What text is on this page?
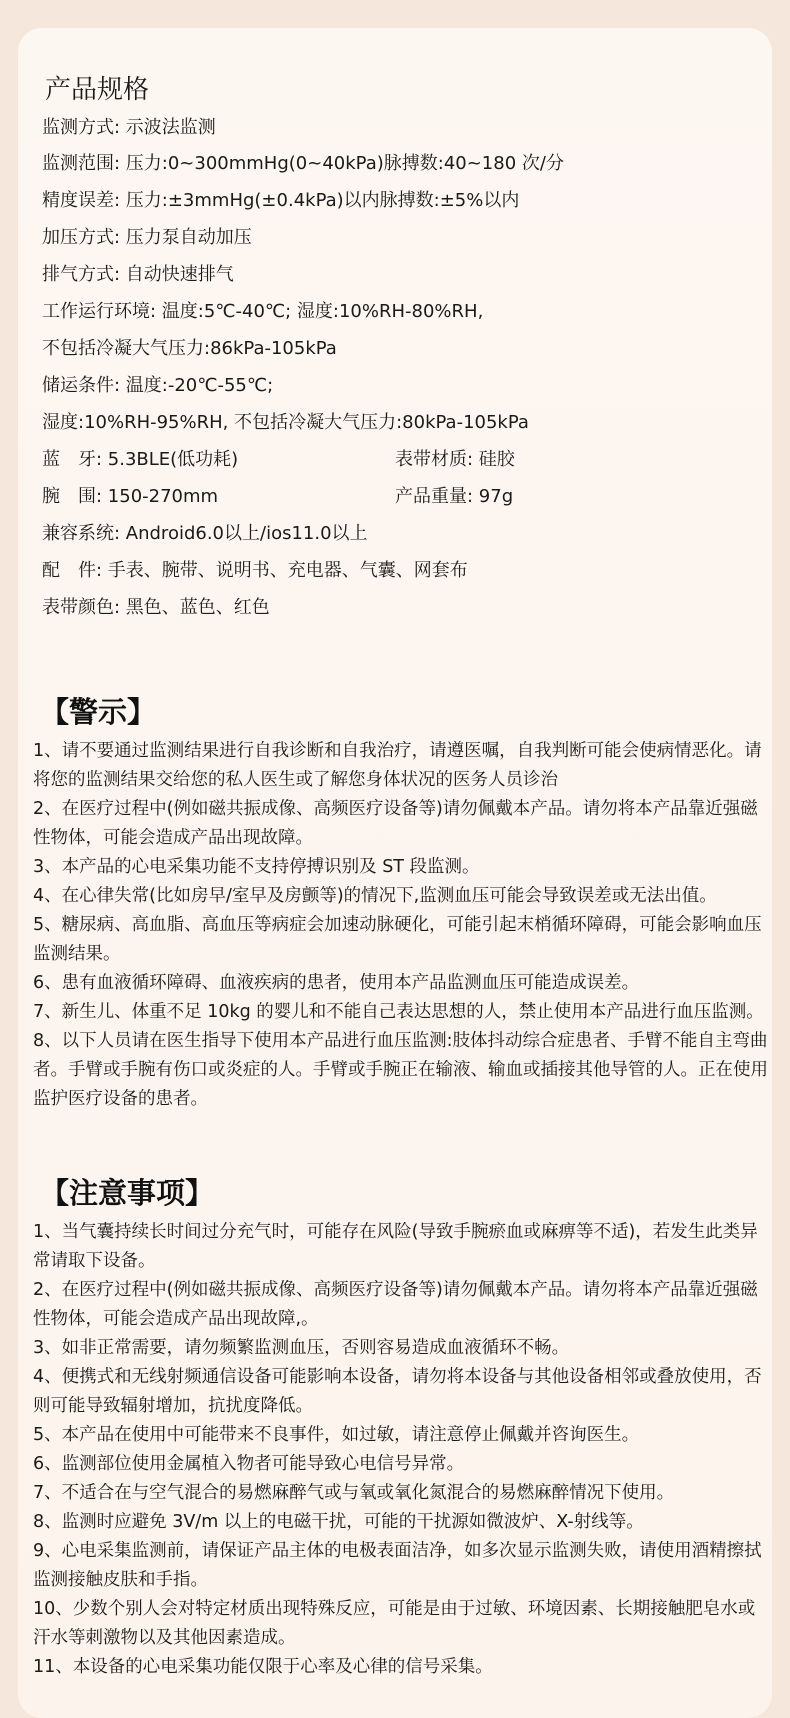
产品规格
监测方式: 示波法监测
监测范围: 压力:0~300mmHg(0~40kPa)脉搏数:40~180 次/分
精度误差: 压力:±3mmHg(±0.4kPa)以内脉搏数:±5%以内
加压方式: 压力泵自动加压
排气方式: 自动快速排气
工作运行环境: 温度:5℃-40℃; 湿度:10%RH-80%RH,
不包括冷凝大气压力:86kPa-105kPa
储运条件: 温度:-20℃-55℃;
湿度:10%RH-95%RH, 不包括冷凝大气压力:80kPa-105kPa
蓝　牙: 5.3BLE(低功耗)	表带材质: 硅胶
腕　围: 150-270mm	产品重量: 97g
兼容系统: Android6.0以上/ios11.0以上
配　件: 手表、腕带、说明书、充电器、气囊、网套布
表带颜色: 黑色、蓝色、红色
【警示】

1、请不要通过监测结果进行自我诊断和自我治疗，请遵医嘱，自我判断可能会使病情恶化。请将您的监测结果交给您的私人医生或了解您身体状况的医务人员诊治

2、在医疗过程中(例如磁共振成像、高频医疗设备等)请勿佩戴本产品。请勿将本产品靠近强磁性物体，可能会造成产品出现故障。

3、本产品的心电采集功能不支持停搏识别及 ST 段监测。

4、在心律失常(比如房早/室早及房颤等)的情况下,监测血压可能会导致误差或无法出值。

5、糖尿病、高血脂、高血压等病症会加速动脉硬化，可能引起末梢循环障碍，可能会影响血压监测结果。

6、患有血液循环障碍、血液疾病的患者，使用本产品监测血压可能造成误差。

7、新生儿、体重不足 10kg 的婴儿和不能自己表达思想的人，禁止使用本产品进行血压监测。

8、以下人员请在医生指导下使用本产品进行血压监测:肢体抖动综合症患者、手臂不能自主弯曲者。手臂或手腕有伤口或炎症的人。手臂或手腕正在输液、输血或插接其他导管的人。正在使用监护医疗设备的患者。

【注意事项】

1、当气囊持续长时间过分充气时，可能存在风险(导致手腕瘀血或麻痹等不适)，若发生此类异常请取下设备。

2、在医疗过程中(例如磁共振成像、高频医疗设备等)请勿佩戴本产品。请勿将本产品靠近强磁性物体，可能会造成产品出现故障,。

3、如非正常需要，请勿频繁监测血压，否则容易造成血液循环不畅。

4、便携式和无线射频通信设备可能影响本设备，请勿将本设备与其他设备相邻或叠放使用，否则可能导致辐射增加，抗扰度降低。

5、本产品在使用中可能带来不良事件，如过敏，请注意停止佩戴并咨询医生。

6、监测部位使用金属植入物者可能导致心电信号异常。

7、不适合在与空气混合的易燃麻醉气或与氧或氧化氮混合的易燃麻醉情况下使用。

8、监测时应避免 3V/m 以上的电磁干扰，可能的干扰源如微波炉、X-射线等。

9、心电采集监测前，请保证产品主体的电极表面洁净，如多次显示监测失败，请使用酒精擦拭监测接触皮肤和手指。

10、少数个别人会对特定材质出现特殊反应，可能是由于过敏、环境因素、长期接触肥皂水或汗水等刺激物以及其他因素造成。

11、本设备的心电采集功能仅限于心率及心律的信号采集。
